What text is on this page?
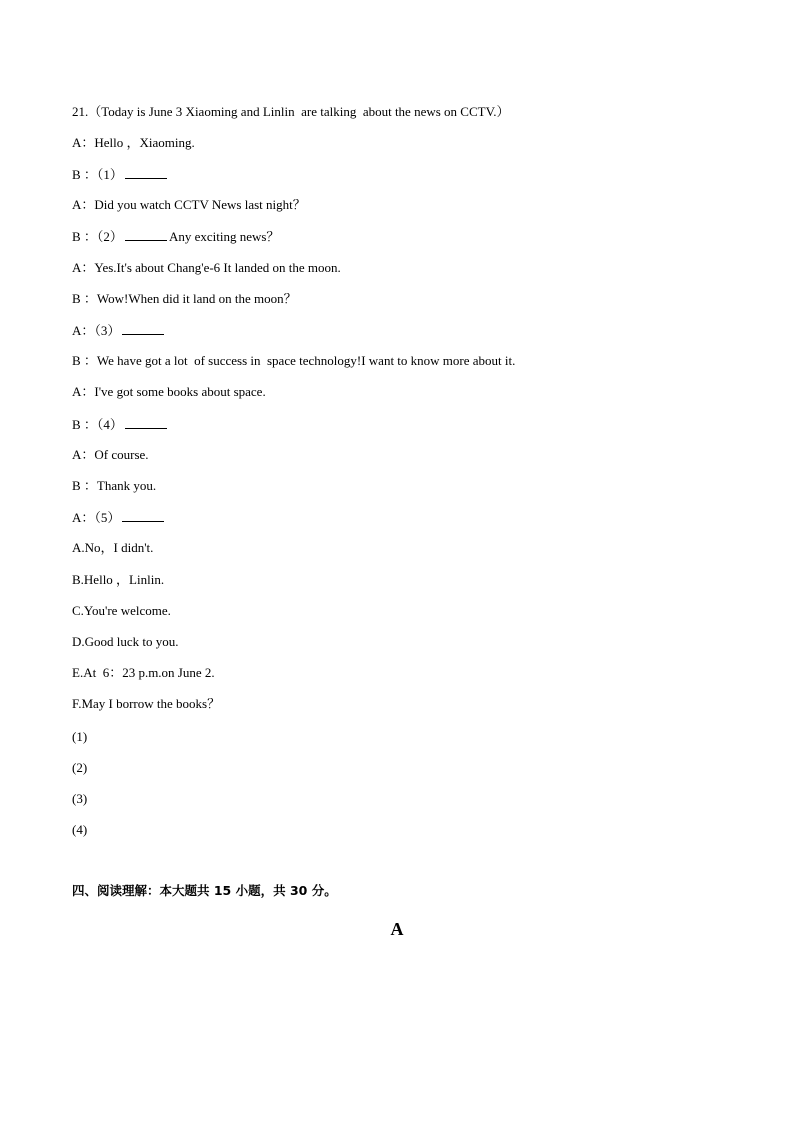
21.（Today is June 3 Xiaoming and Linlin  are talking  about the news on CCTV.）
A：Hello ，Xiaoming.
B ：（1）
A：Did you watch CCTV News last night？
B ：（2）	Any exciting news？
A：Yes.It's about Chang'e-6 It landed on the moon.
B ：Wow!When did it land on the moon？
A：（3）
B ：We have got a lot  of success in  space technology!I want to know more about it.
A：I've got some books about space.
B ：（4）
A：Of course.
B ：Thank you.
A：（5）
A.No，I didn't.
B.Hello ，Linlin.
C.You're welcome.
D.Good luck to you.
E.At  6：23 p.m.on June 2.
F.May I borrow the books？
(1)
(2)
(3)
(4)
四、阅读理解：本大题共 15 小题，共 30 分。
A
